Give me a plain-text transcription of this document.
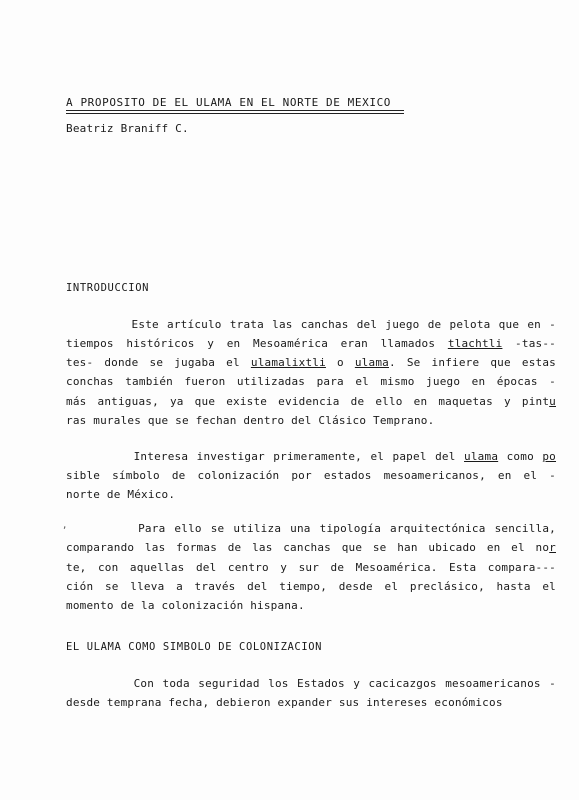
A PROPOSITO DE EL ULAMA EN EL NORTE DE MEXICO
Beatriz Braniff C.
INTRODUCCION
Este artículo trata las canchas del juego de pelota que en -
tiempos históricos y en Mesoamérica eran llamados tlachtli -tas--
tes- donde se jugaba el ulamalixtli o ulama. Se infiere que estas
conchas también fueron utilizadas para el mismo juego en épocas -
más antiguas, ya que existe evidencia de ello en maquetas y pintu
ras murales que se fechan dentro del Clásico Temprano.
Interesa investigar primeramente, el papel del ulama como po
sible símbolo de colonización por estados mesoamericanos, en el -
norte de México.
Para ello se utiliza una tipología arquitectónica sencilla,
comparando las formas de las canchas que se han ubicado en el nor
te, con aquellas del centro y sur de Mesoamérica. Esta compara---
ción se lleva a través del tiempo, desde el preclásico, hasta el
momento de la colonización hispana.
Con toda seguridad los Estados y cacicazgos mesoamericanos -
desde temprana fecha, debieron expander sus intereses económicos
EL ULAMA COMO SIMBOLO DE COLONIZACION
,
